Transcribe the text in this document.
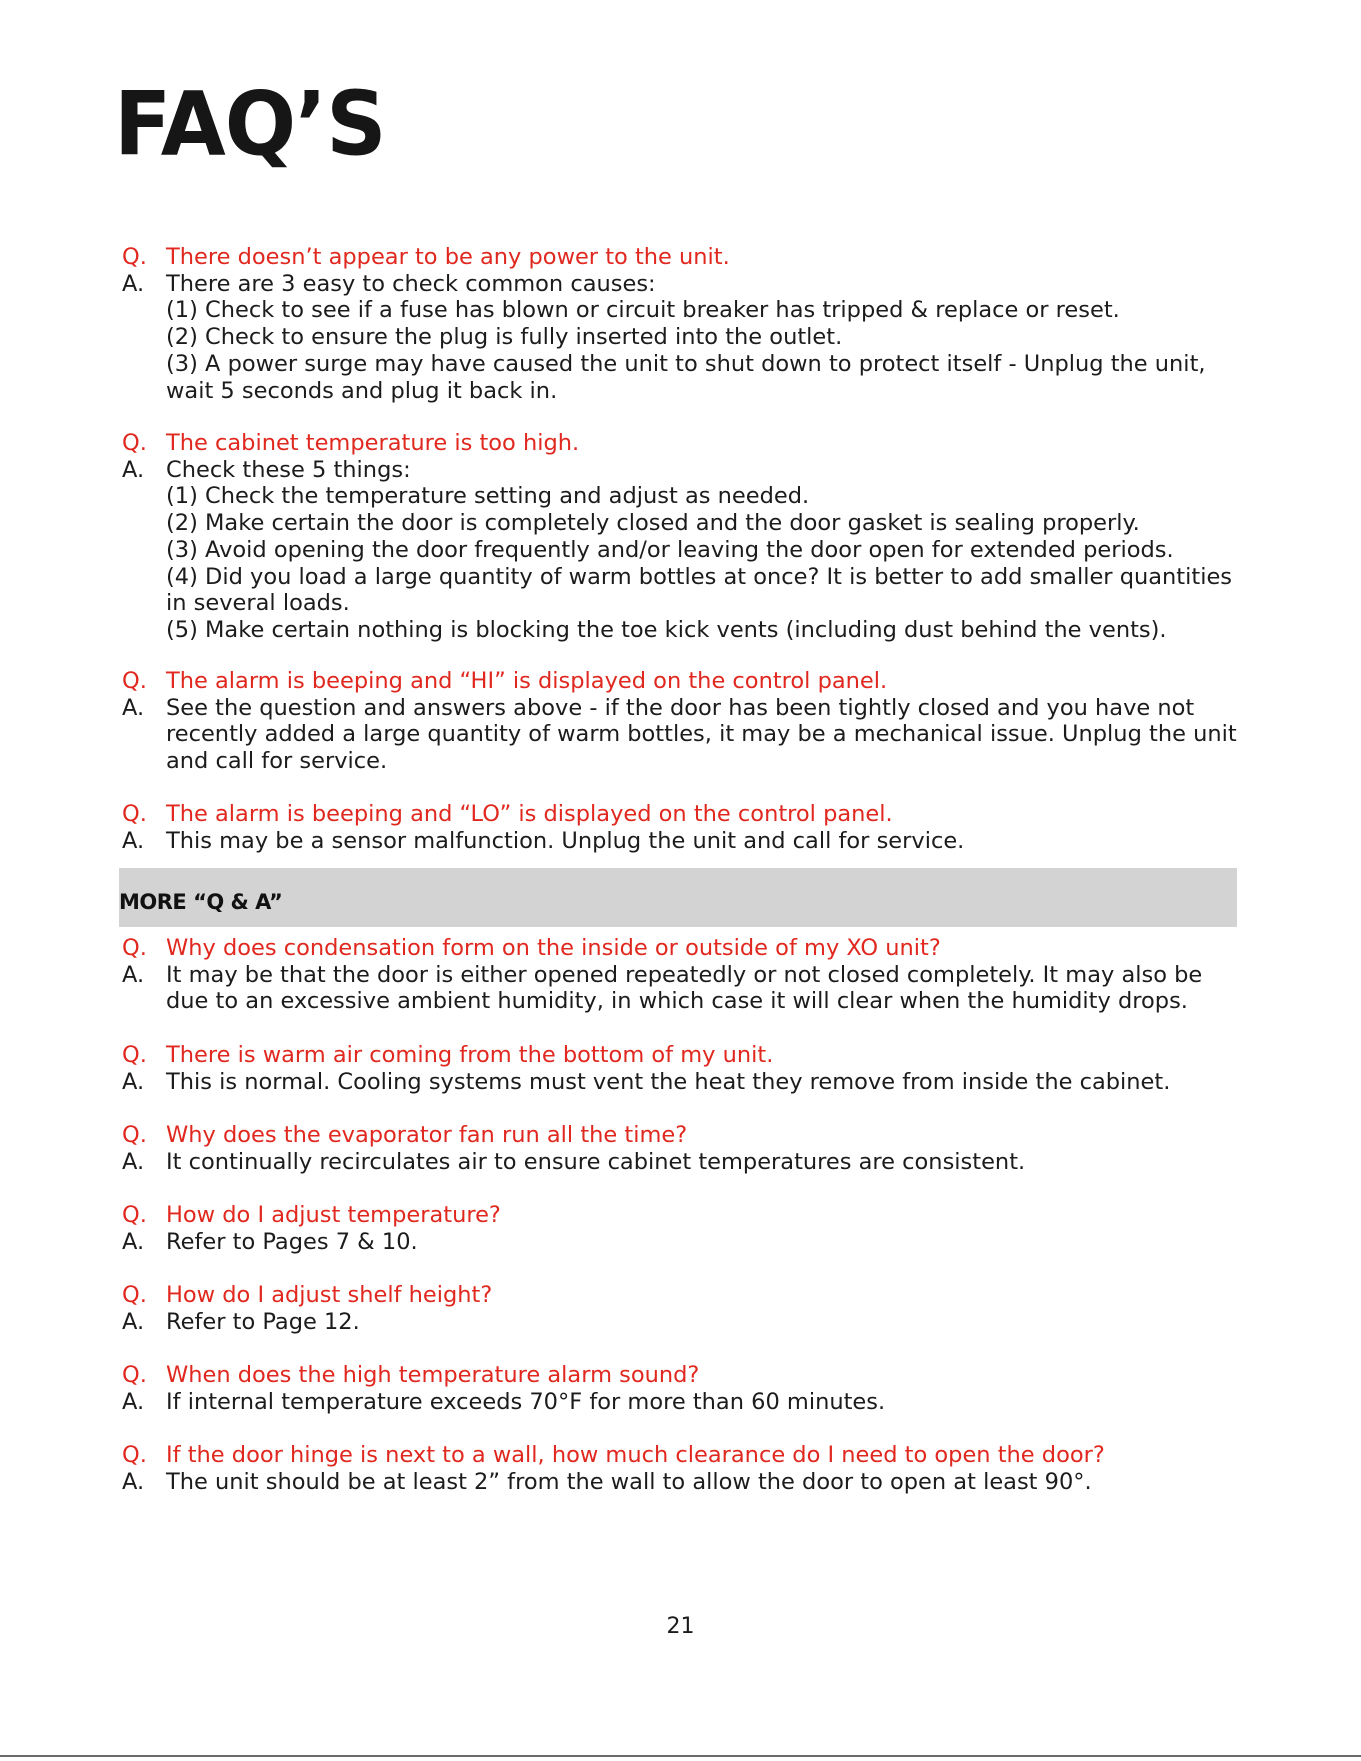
FAQ’S
Q. There doesn’t appear to be any power to the unit.
A. There are 3 easy to check common causes:
(1) Check to see if a fuse has blown or circuit breaker has tripped & replace or reset.
(2) Check to ensure the plug is fully inserted into the outlet.
(3) A power surge may have caused the unit to shut down to protect itself - Unplug the unit,
wait 5 seconds and plug it back in.
Q. The cabinet temperature is too high.
A. Check these 5 things:
(1) Check the temperature setting and adjust as needed.
(2) Make certain the door is completely closed and the door gasket is sealing properly.
(3) Avoid opening the door frequently and/or leaving the door open for extended periods.
(4) Did you load a large quantity of warm bottles at once? It is better to add smaller quantities
in several loads.
(5) Make certain nothing is blocking the toe kick vents (including dust behind the vents).
Q. The alarm is beeping and “HI” is displayed on the control panel.
A. See the question and answers above - if the door has been tightly closed and you have not
recently added a large quantity of warm bottles, it may be a mechanical issue. Unplug the unit
and call for service.
Q. The alarm is beeping and “LO” is displayed on the control panel.
A. This may be a sensor malfunction. Unplug the unit and call for service.
MORE “Q & A”
Q. Why does condensation form on the inside or outside of my XO unit?
A. It may be that the door is either opened repeatedly or not closed completely. It may also be
due to an excessive ambient humidity, in which case it will clear when the humidity drops.
Q. There is warm air coming from the bottom of my unit.
A. This is normal. Cooling systems must vent the heat they remove from inside the cabinet.
Q. Why does the evaporator fan run all the time?
A. It continually recirculates air to ensure cabinet temperatures are consistent.
Q. How do I adjust temperature?
A. Refer to Pages 7 & 10.
Q. How do I adjust shelf height?
A. Refer to Page 12.
Q. When does the high temperature alarm sound?
A. If internal temperature exceeds 70°F for more than 60 minutes.
Q. If the door hinge is next to a wall, how much clearance do I need to open the door?
A. The unit should be at least 2” from the wall to allow the door to open at least 90°.
21
